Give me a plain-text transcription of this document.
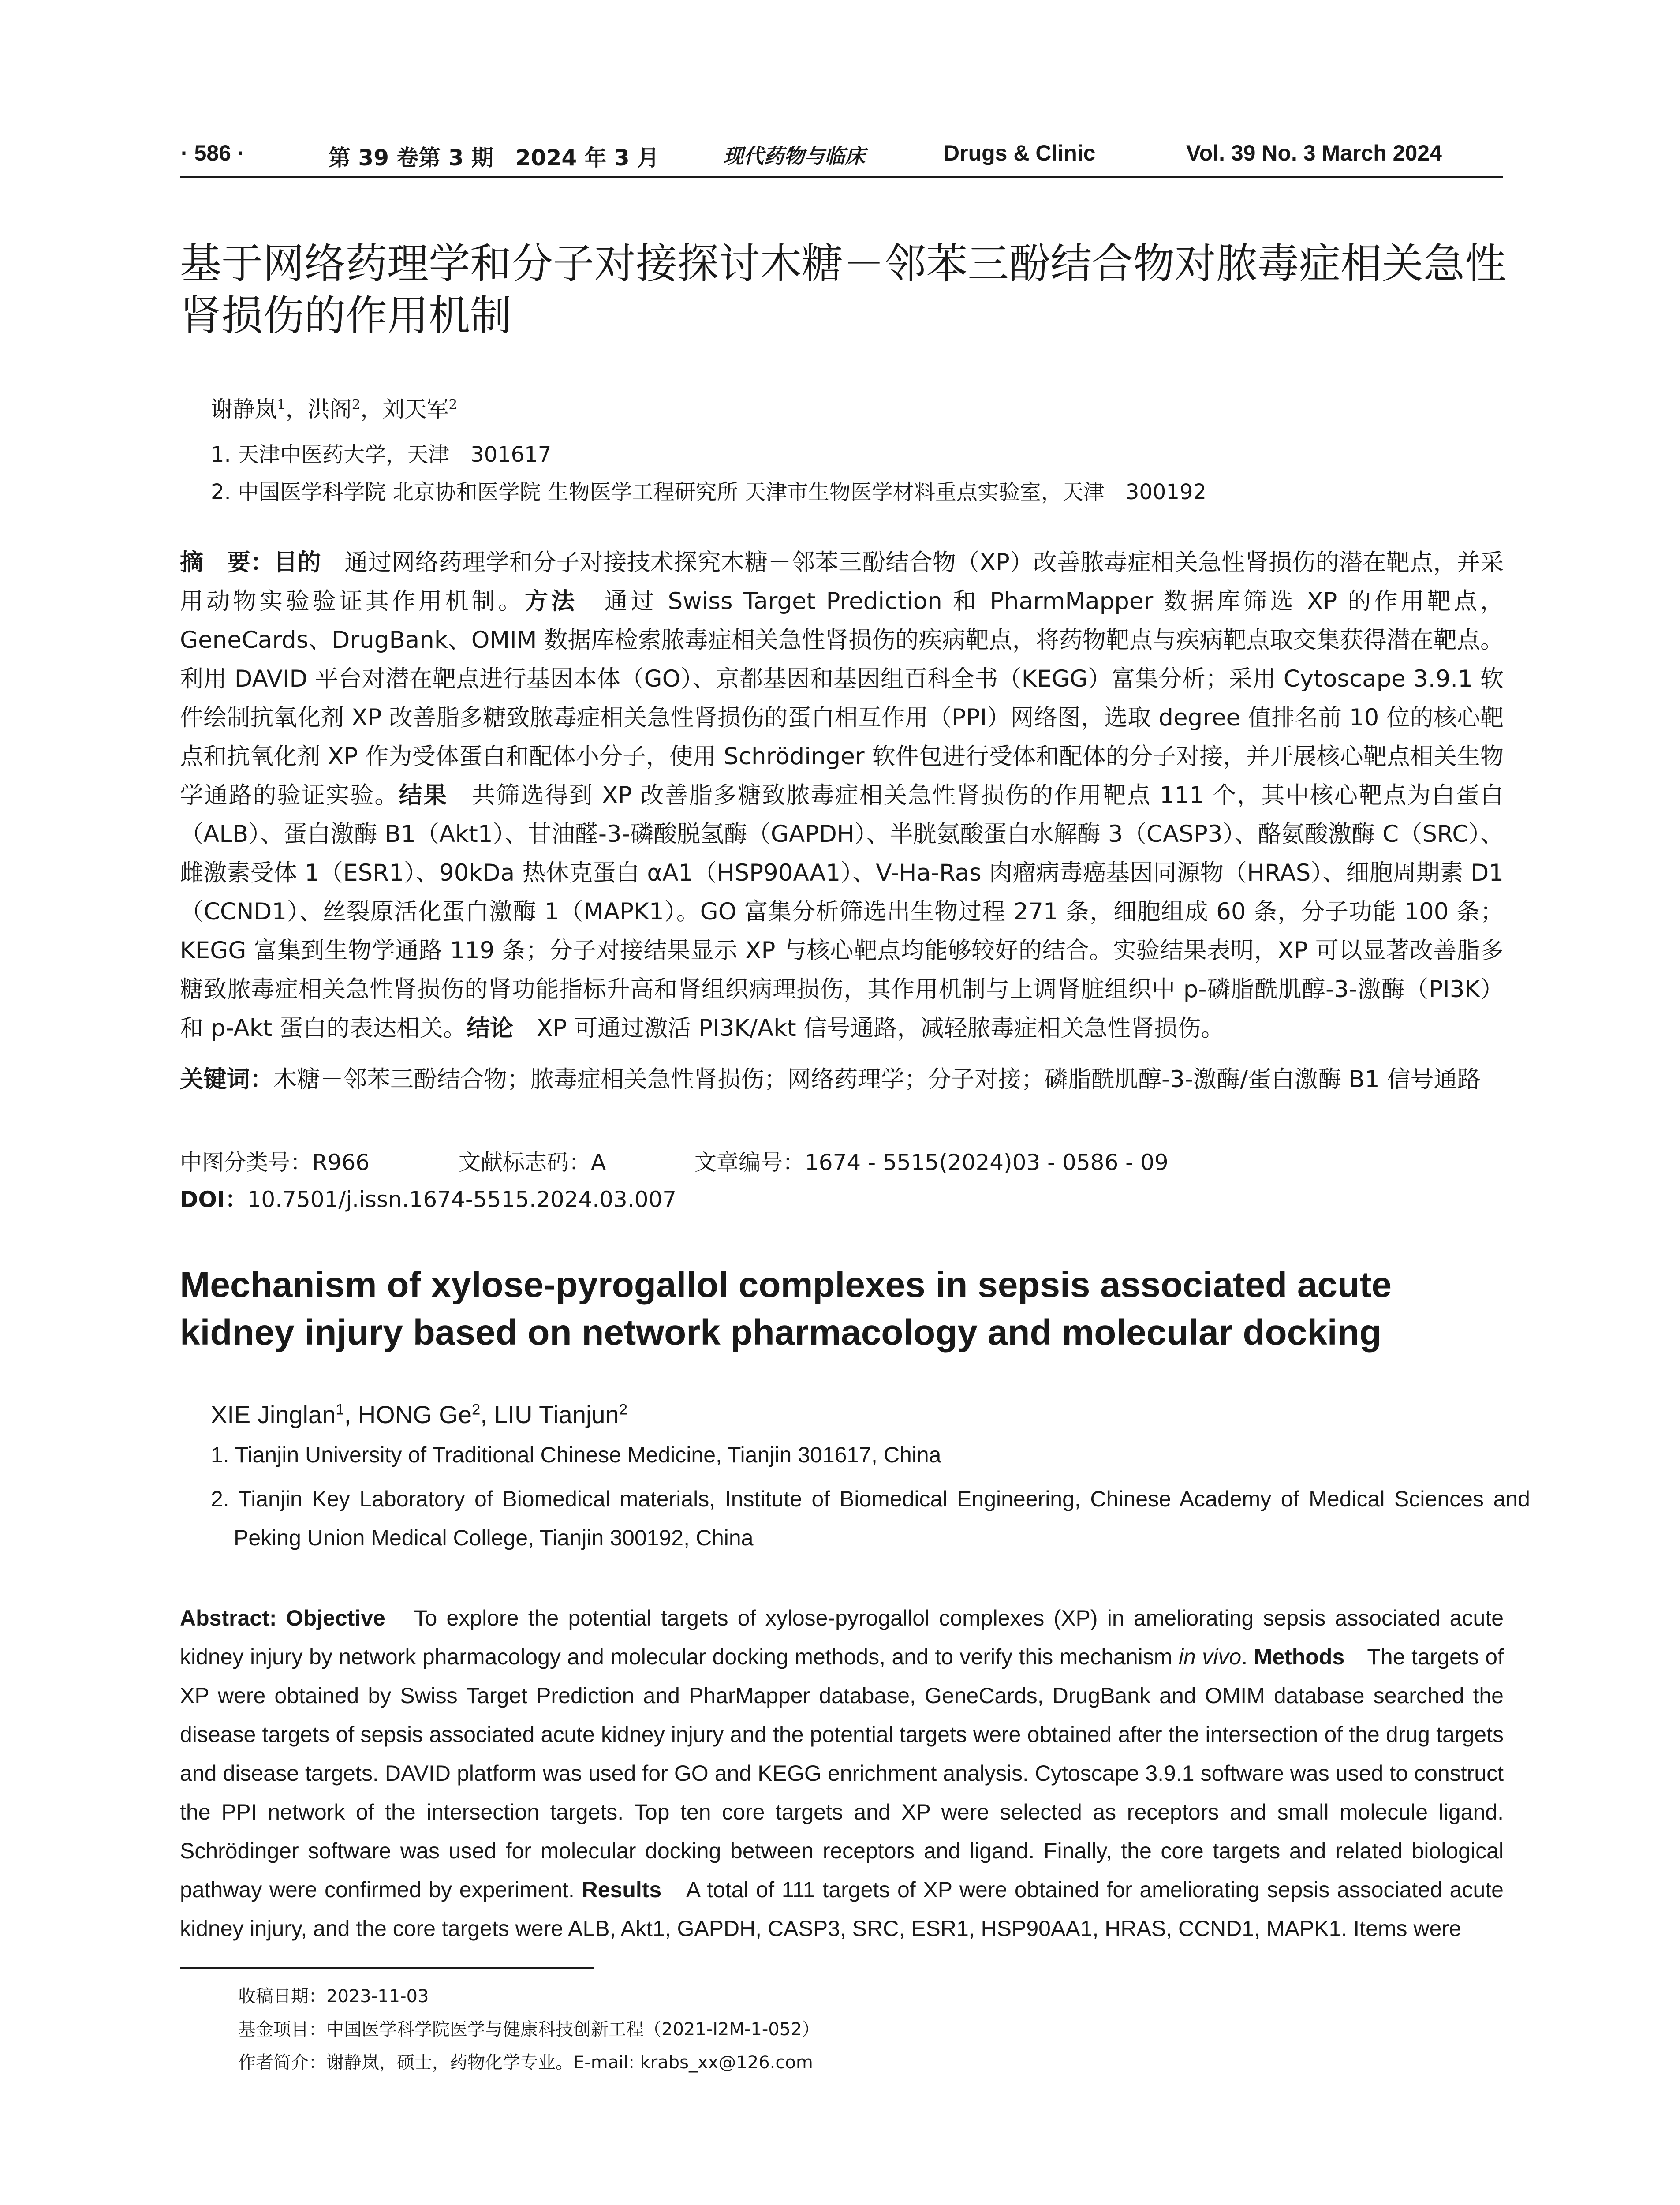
· 586 ·	第 39 卷第 3 期　2024 年 3 月	现代药物与临床	Drugs & Clinic	Vol. 39 No. 3 March 2024
基于网络药理学和分子对接探讨木糖－邻苯三酚结合物对脓毒症相关急性肾损伤的作用机制
谢静岚$^1$，洪阁$^2$，刘天军$^2$
1. 天津中医药大学，天津　301617
2. 中国医学科学院 北京协和医学院 生物医学工程研究所 天津市生物医学材料重点实验室，天津　300192
摘　要：目的　通过网络药理学和分子对接技术探究木糖－邻苯三酚结合物（XP）改善脓毒症相关急性肾损伤的潜在靶点，并采用动物实验验证其作用机制。方法　通过 Swiss Target Prediction 和 PharmMapper 数据库筛选 XP 的作用靶点，GeneCards、DrugBank、OMIM 数据库检索脓毒症相关急性肾损伤的疾病靶点，将药物靶点与疾病靶点取交集获得潜在靶点。利用 DAVID 平台对潜在靶点进行基因本体（GO）、京都基因和基因组百科全书（KEGG）富集分析；采用 Cytoscape 3.9.1 软件绘制抗氧化剂 XP 改善脂多糖致脓毒症相关急性肾损伤的蛋白相互作用（PPI）网络图，选取 degree 值排名前 10 位的核心靶点和抗氧化剂 XP 作为受体蛋白和配体小分子，使用 Schrödinger 软件包进行受体和配体的分子对接，并开展核心靶点相关生物学通路的验证实验。结果　共筛选得到 XP 改善脂多糖致脓毒症相关急性肾损伤的作用靶点 111 个，其中核心靶点为白蛋白（ALB）、蛋白激酶 B1（Akt1）、甘油醛-3-磷酸脱氢酶（GAPDH）、半胱氨酸蛋白水解酶 3（CASP3）、酪氨酸激酶 C（SRC）、雌激素受体 1（ESR1）、90kDa 热休克蛋白 αA1（HSP90AA1）、V-Ha-Ras 肉瘤病毒癌基因同源物（HRAS）、细胞周期素 D1（CCND1）、丝裂原活化蛋白激酶 1（MAPK1）。GO 富集分析筛选出生物过程 271 条，细胞组成 60 条，分子功能 100 条；KEGG 富集到生物学通路 119 条；分子对接结果显示 XP 与核心靶点均能够较好的结合。实验结果表明，XP 可以显著改善脂多糖致脓毒症相关急性肾损伤的肾功能指标升高和肾组织病理损伤，其作用机制与上调肾脏组织中 p-磷脂酰肌醇-3-激酶（PI3K）和 p-Akt 蛋白的表达相关。结论　XP 可通过激活 PI3K/Akt 信号通路，减轻脓毒症相关急性肾损伤。
关键词：木糖－邻苯三酚结合物；脓毒症相关急性肾损伤；网络药理学；分子对接；磷脂酰肌醇-3-激酶/蛋白激酶 B1 信号通路
中图分类号：R966	文献标志码：A	文章编号：1674 - 5515(2024)03 - 0586 - 09
DOI：10.7501/j.issn.1674-5515.2024.03.007
Mechanism of xylose-pyrogallol complexes in sepsis associated acute kidney injury based on network pharmacology and molecular docking
XIE Jinglan$^1$, HONG Ge$^2$, LIU Tianjun$^2$
1. Tianjin University of Traditional Chinese Medicine, Tianjin 301617, China
2. Tianjin Key Laboratory of Biomedical materials, Institute of Biomedical Engineering, Chinese Academy of Medical Sciences and Peking Union Medical College, Tianjin 300192, China
Abstract: Objective　To explore the potential targets of xylose-pyrogallol complexes (XP) in ameliorating sepsis associated acute kidney injury by network pharmacology and molecular docking methods, and to verify this mechanism in vivo. Methods　The targets of XP were obtained by Swiss Target Prediction and PharMapper database, GeneCards, DrugBank and OMIM database searched the disease targets of sepsis associated acute kidney injury and the potential targets were obtained after the intersection of the drug targets and disease targets. DAVID platform was used for GO and KEGG enrichment analysis. Cytoscape 3.9.1 software was used to construct the PPI network of the intersection targets. Top ten core targets and XP were selected as receptors and small molecule ligand. Schrödinger software was used for molecular docking between receptors and ligand. Finally, the core targets and related biological pathway were confirmed by experiment. Results　A total of 111 targets of XP were obtained for ameliorating sepsis associated acute kidney injury, and the core targets were ALB, Akt1, GAPDH, CASP3, SRC, ESR1, HSP90AA1, HRAS, CCND1, MAPK1. Items were
收稿日期：2023-11-03
基金项目：中国医学科学院医学与健康科技创新工程（2021-I2M-1-052）
作者简介：谢静岚，硕士，药物化学专业。E-mail: krabs_xx@126.com
